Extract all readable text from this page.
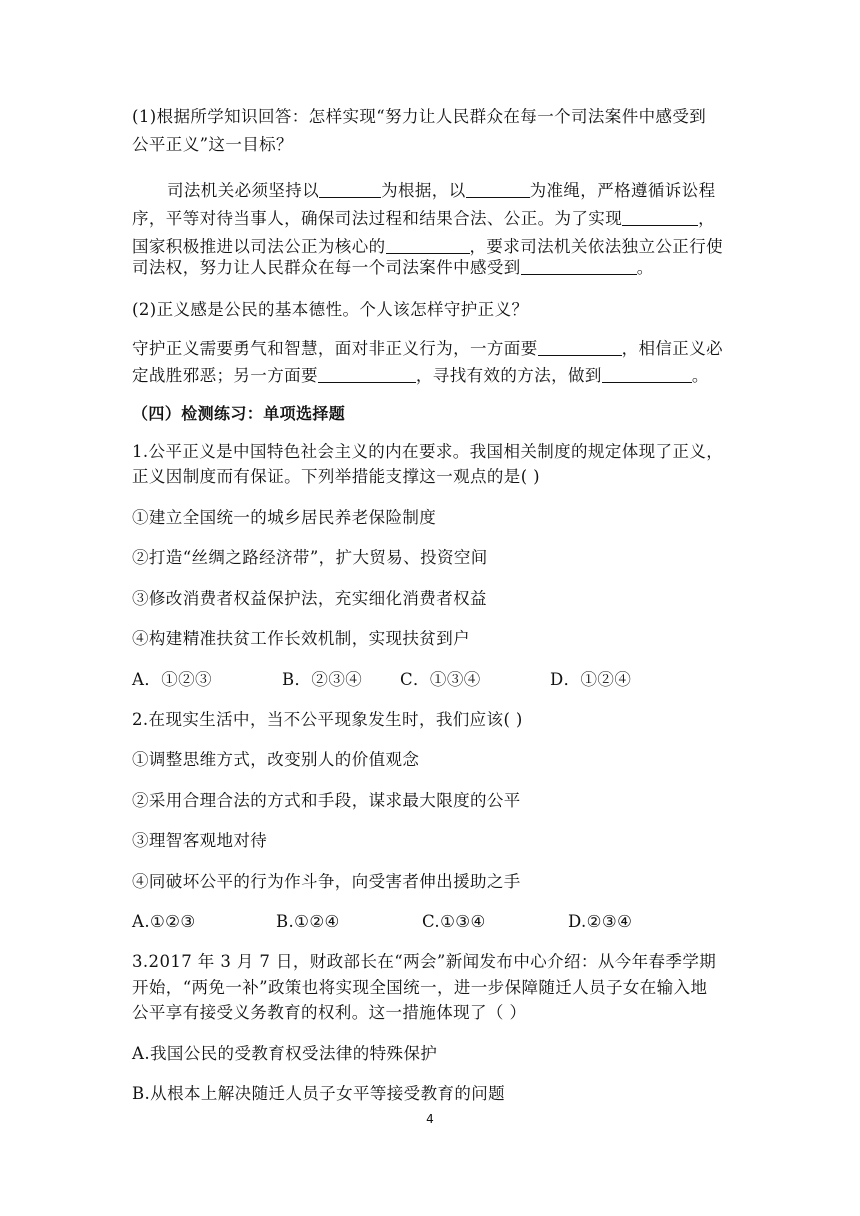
(1)根据所学知识回答：怎样实现“努力让人民群众在每一个司法案件中感受到
公平正义”这一目标？
司法机关必须坚持以	为根据，以	为准绳，严格遵循诉讼程
序，平等对待当事人，确保司法过程和结果合法、公正。为了实现	，
国家积极推进以司法公正为核心的	，要求司法机关依法独立公正行使
司法权，努力让人民群众在每一个司法案件中感受到	。
(2)正义感是公民的基本德性。个人该怎样守护正义？
守护正义需要勇气和智慧，面对非正义行为，一方面要	，相信正义必
定战胜邪恶；另一方面要	，寻找有效的方法，做到	。
（四）检测练习：单项选择题
1.公平正义是中国特色社会主义的内在要求。我国相关制度的规定体现了正义，
正义因制度而有保证。下列举措能支撑这一观点的是( )
①建立全国统一的城乡居民养老保险制度
②打造“丝绸之路经济带”，扩大贸易、投资空间
③修改消费者权益保护法，充实细化消费者权益
④构建精准扶贫工作长效机制，实现扶贫到户
A．①②③	B．②③④ C．①③④	D．①②④
2.在现实生活中，当不公平现象发生时，我们应该( )
①调整思维方式，改变别人的价值观念
②采用合理合法的方式和手段，谋求最大限度的公平
③理智客观地对待
④同破坏公平的行为作斗争，向受害者伸出援助之手
A.①②③	B.①②④	C.①③④	D.②③④
3.2017 年 3 月 7 日，财政部长在“两会”新闻发布中心介绍：从今年春季学期
开始，“两免一补”政策也将实现全国统一，进一步保障随迁人员子女在输入地
公平享有接受义务教育的权利。这一措施体现了（ ）
A.我国公民的受教育权受法律的特殊保护
B.从根本上解决随迁人员子女平等接受教育的问题
4
